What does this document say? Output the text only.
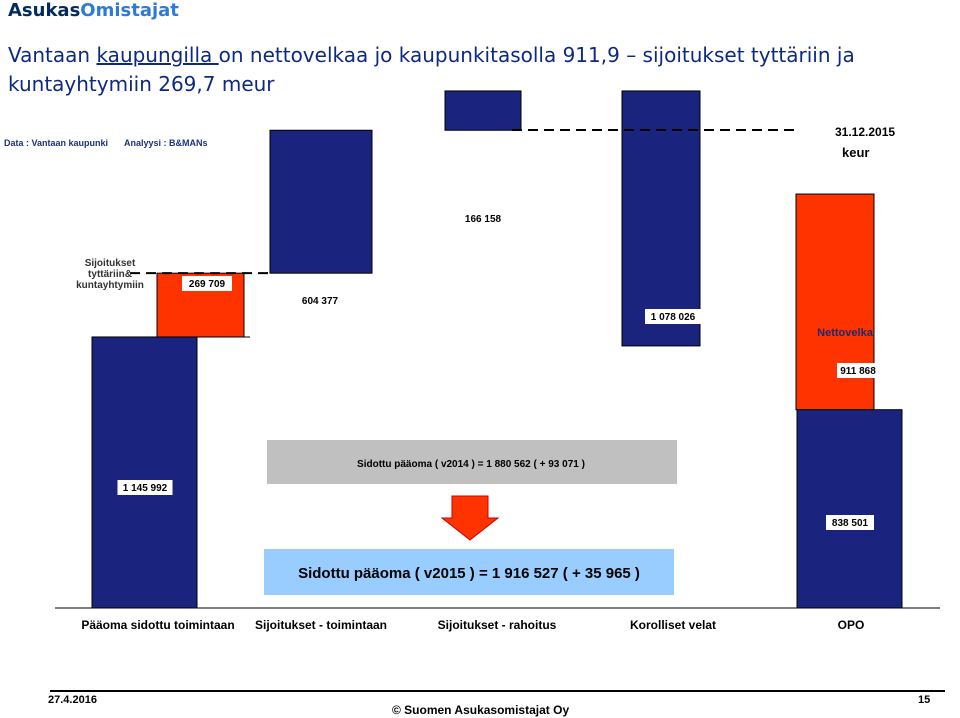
AsukasOmistajat
Vantaan kaupungilla on nettovelkaa jo kaupunkitasolla 911,9 – sijoitukset tyttäriin ja
kuntayhtymiin 269,7 meur
Data : Vantaan kaupunki Analyysi : B&MANs
31.12.2015
keur
1 145 992
269 709
604 377
166 158
1 078 026
911 868
838 501
Sijoitukset
tyttäriin&
kuntayhtymiin
Nettovelka
Sidottu pääoma ( v2014 ) = 1 880 562 ( + 93 071 )
Sidottu pääoma ( v2015 ) = 1 916 527 ( + 35 965 )
Pääoma sidottu toimintaan Sijoitukset - toimintaan	Sijoitukset - rahoitus	Korolliset velat	OPO
27.4.2016
© Suomen Asukasomistajat Oy
15
